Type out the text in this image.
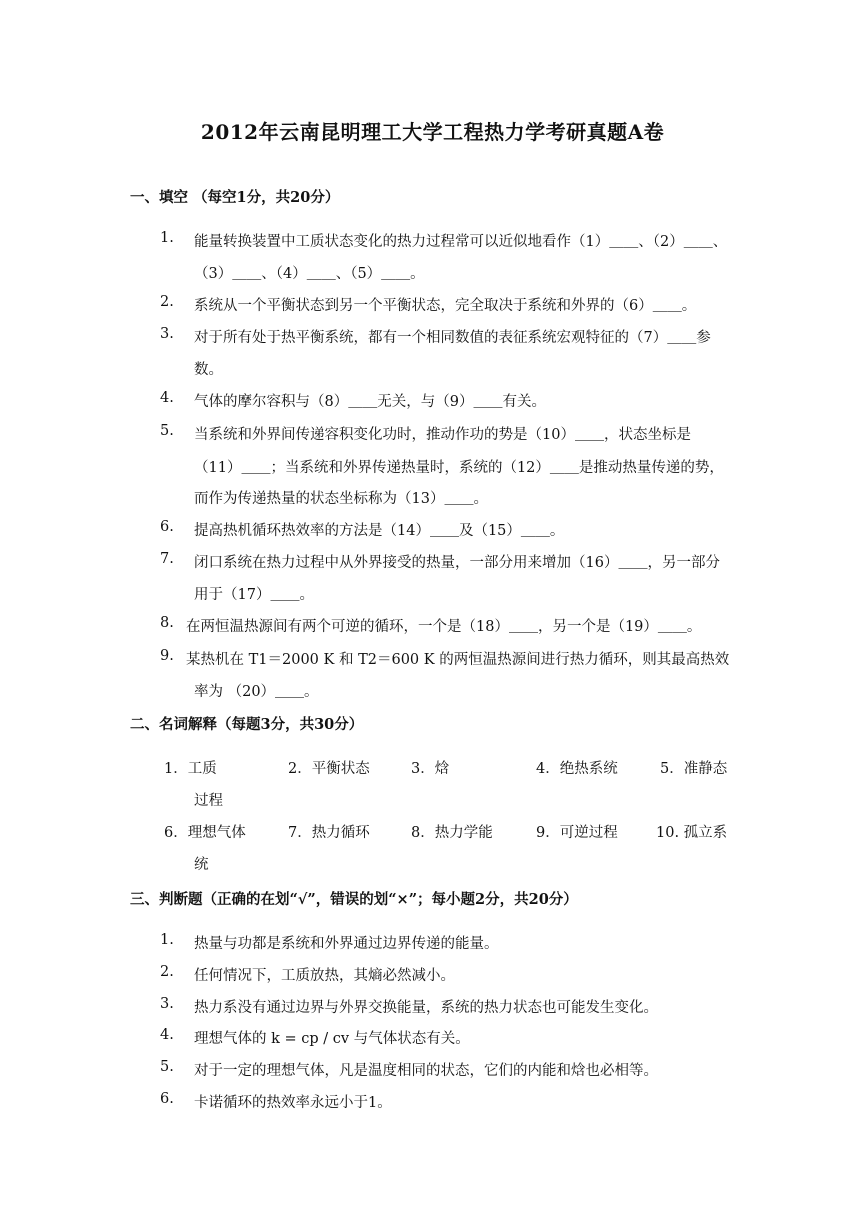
2012年云南昆明理工大学工程热力学考研真题A卷
一、填空 （每空1分，共20分）
1. 能量转换装置中工质状态变化的热力过程常可以近似地看作（1）＿＿、（2）＿＿、
（3）＿＿、（4）＿＿、（5）＿＿。
2. 系统从一个平衡状态到另一个平衡状态，完全取决于系统和外界的（6）＿＿。
3. 对于所有处于热平衡系统，都有一个相同数值的表征系统宏观特征的（7）＿＿参
数。
4. 气体的摩尔容积与（8）＿＿无关，与（9）＿＿有关。
5. 当系统和外界间传递容积变化功时，推动作功的势是（10）＿＿，状态坐标是
（11）＿＿；当系统和外界传递热量时，系统的（12）＿＿是推动热量传递的势，
而作为传递热量的状态坐标称为（13）＿＿。
6. 提高热机循环热效率的方法是（14）＿＿及（15）＿＿。
7. 闭口系统在热力过程中从外界接受的热量，一部分用来增加（16）＿＿，另一部分
用于（17）＿＿。
8. 在两恒温热源间有两个可逆的循环，一个是（18）＿＿，另一个是（19）＿＿。
9. 某热机在 T1＝2000 K 和 T2＝600 K 的两恒温热源间进行热力循环，则其最高热效
率为 （20）＿＿。
二、名词解释（每题3分，共30分）
1．工质	2．平衡状态	3．焓	4．绝热系统	5．准静态
过程
6．理想气体	7．热力循环	8．热力学能	9．可逆过程	10. 孤立系
统
三、判断题（正确的在划“√”，错误的划“×”；每小题2分，共20分）
1. 热量与功都是系统和外界通过边界传递的能量。
2. 任何情况下，工质放热，其熵必然减小。
3. 热力系没有通过边界与外界交换能量，系统的热力状态也可能发生变化。
4. 理想气体的 k = cp / cv 与气体状态有关。
5. 对于一定的理想气体，凡是温度相同的状态，它们的内能和焓也必相等。
6. 卡诺循环的热效率永远小于1。
